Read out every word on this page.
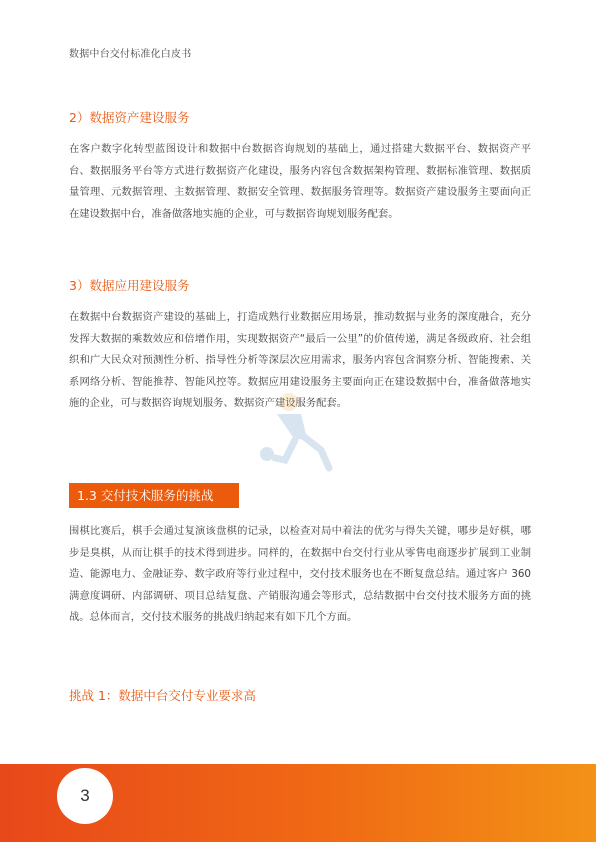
数据中台交付标准化白皮书
2）数据资产建设服务
在客户数字化转型蓝图设计和数据中台数据咨询规划的基础上，通过搭建大数据平台、数据资产平台、数据服务平台等方式进行数据资产化建设，服务内容包含数据架构管理、数据标准管理、数据质量管理、元数据管理、主数据管理、数据安全管理、数据服务管理等。数据资产建设服务主要面向正在建设数据中台，准备做落地实施的企业，可与数据咨询规划服务配套。
3）数据应用建设服务
在数据中台数据资产建设的基础上，打造成熟行业数据应用场景，推动数据与业务的深度融合，充分发挥大数据的乘数效应和倍增作用，实现数据资产“最后一公里”的价值传递，满足各级政府、社会组织和广大民众对预测性分析、指导性分析等深层次应用需求，服务内容包含洞察分析、智能搜索、关系网络分析、智能推荐、智能风控等。数据应用建设服务主要面向正在建设数据中台，准备做落地实施的企业，可与数据咨询规划服务、数据资产建设服务配套。
1.3 交付技术服务的挑战
围棋比赛后，棋手会通过复演该盘棋的记录，以检查对局中着法的优劣与得失关键，哪步是好棋，哪步是臭棋，从而让棋手的技术得到进步。同样的，在数据中台交付行业从零售电商逐步扩展到工业制造、能源电力、金融证券、数字政府等行业过程中，交付技术服务也在不断复盘总结。通过客户 360 满意度调研、内部调研、项目总结复盘、产销服沟通会等形式，总结数据中台交付技术服务方面的挑战。总体而言，交付技术服务的挑战归纳起来有如下几个方面。
挑战 1：数据中台交付专业要求高
3
